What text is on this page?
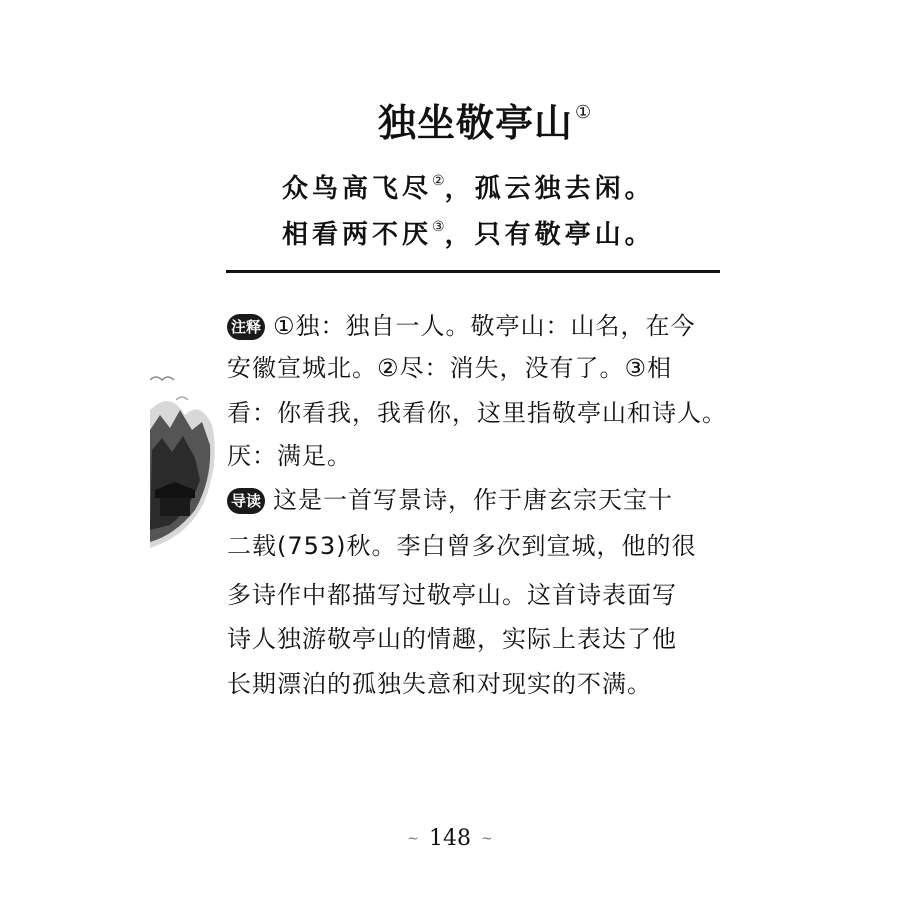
独坐敬亭山 ①
众鸟高飞尽②，孤云独去闲。
相看两不厌③，只有敬亭山。
注释 ①独：独自一人。敬亭山：山名，在今
安徽宣城北。②尽：消失，没有了。③相
看：你看我，我看你，这里指敬亭山和诗人。
厌：满足。
导读 这是一首写景诗，作于唐玄宗天宝十
二载(753)秋。李白曾多次到宣城，他的很
多诗作中都描写过敬亭山。这首诗表面写
诗人独游敬亭山的情趣，实际上表达了他
长期漂泊的孤独失意和对现实的不满。
~ 148 ~
